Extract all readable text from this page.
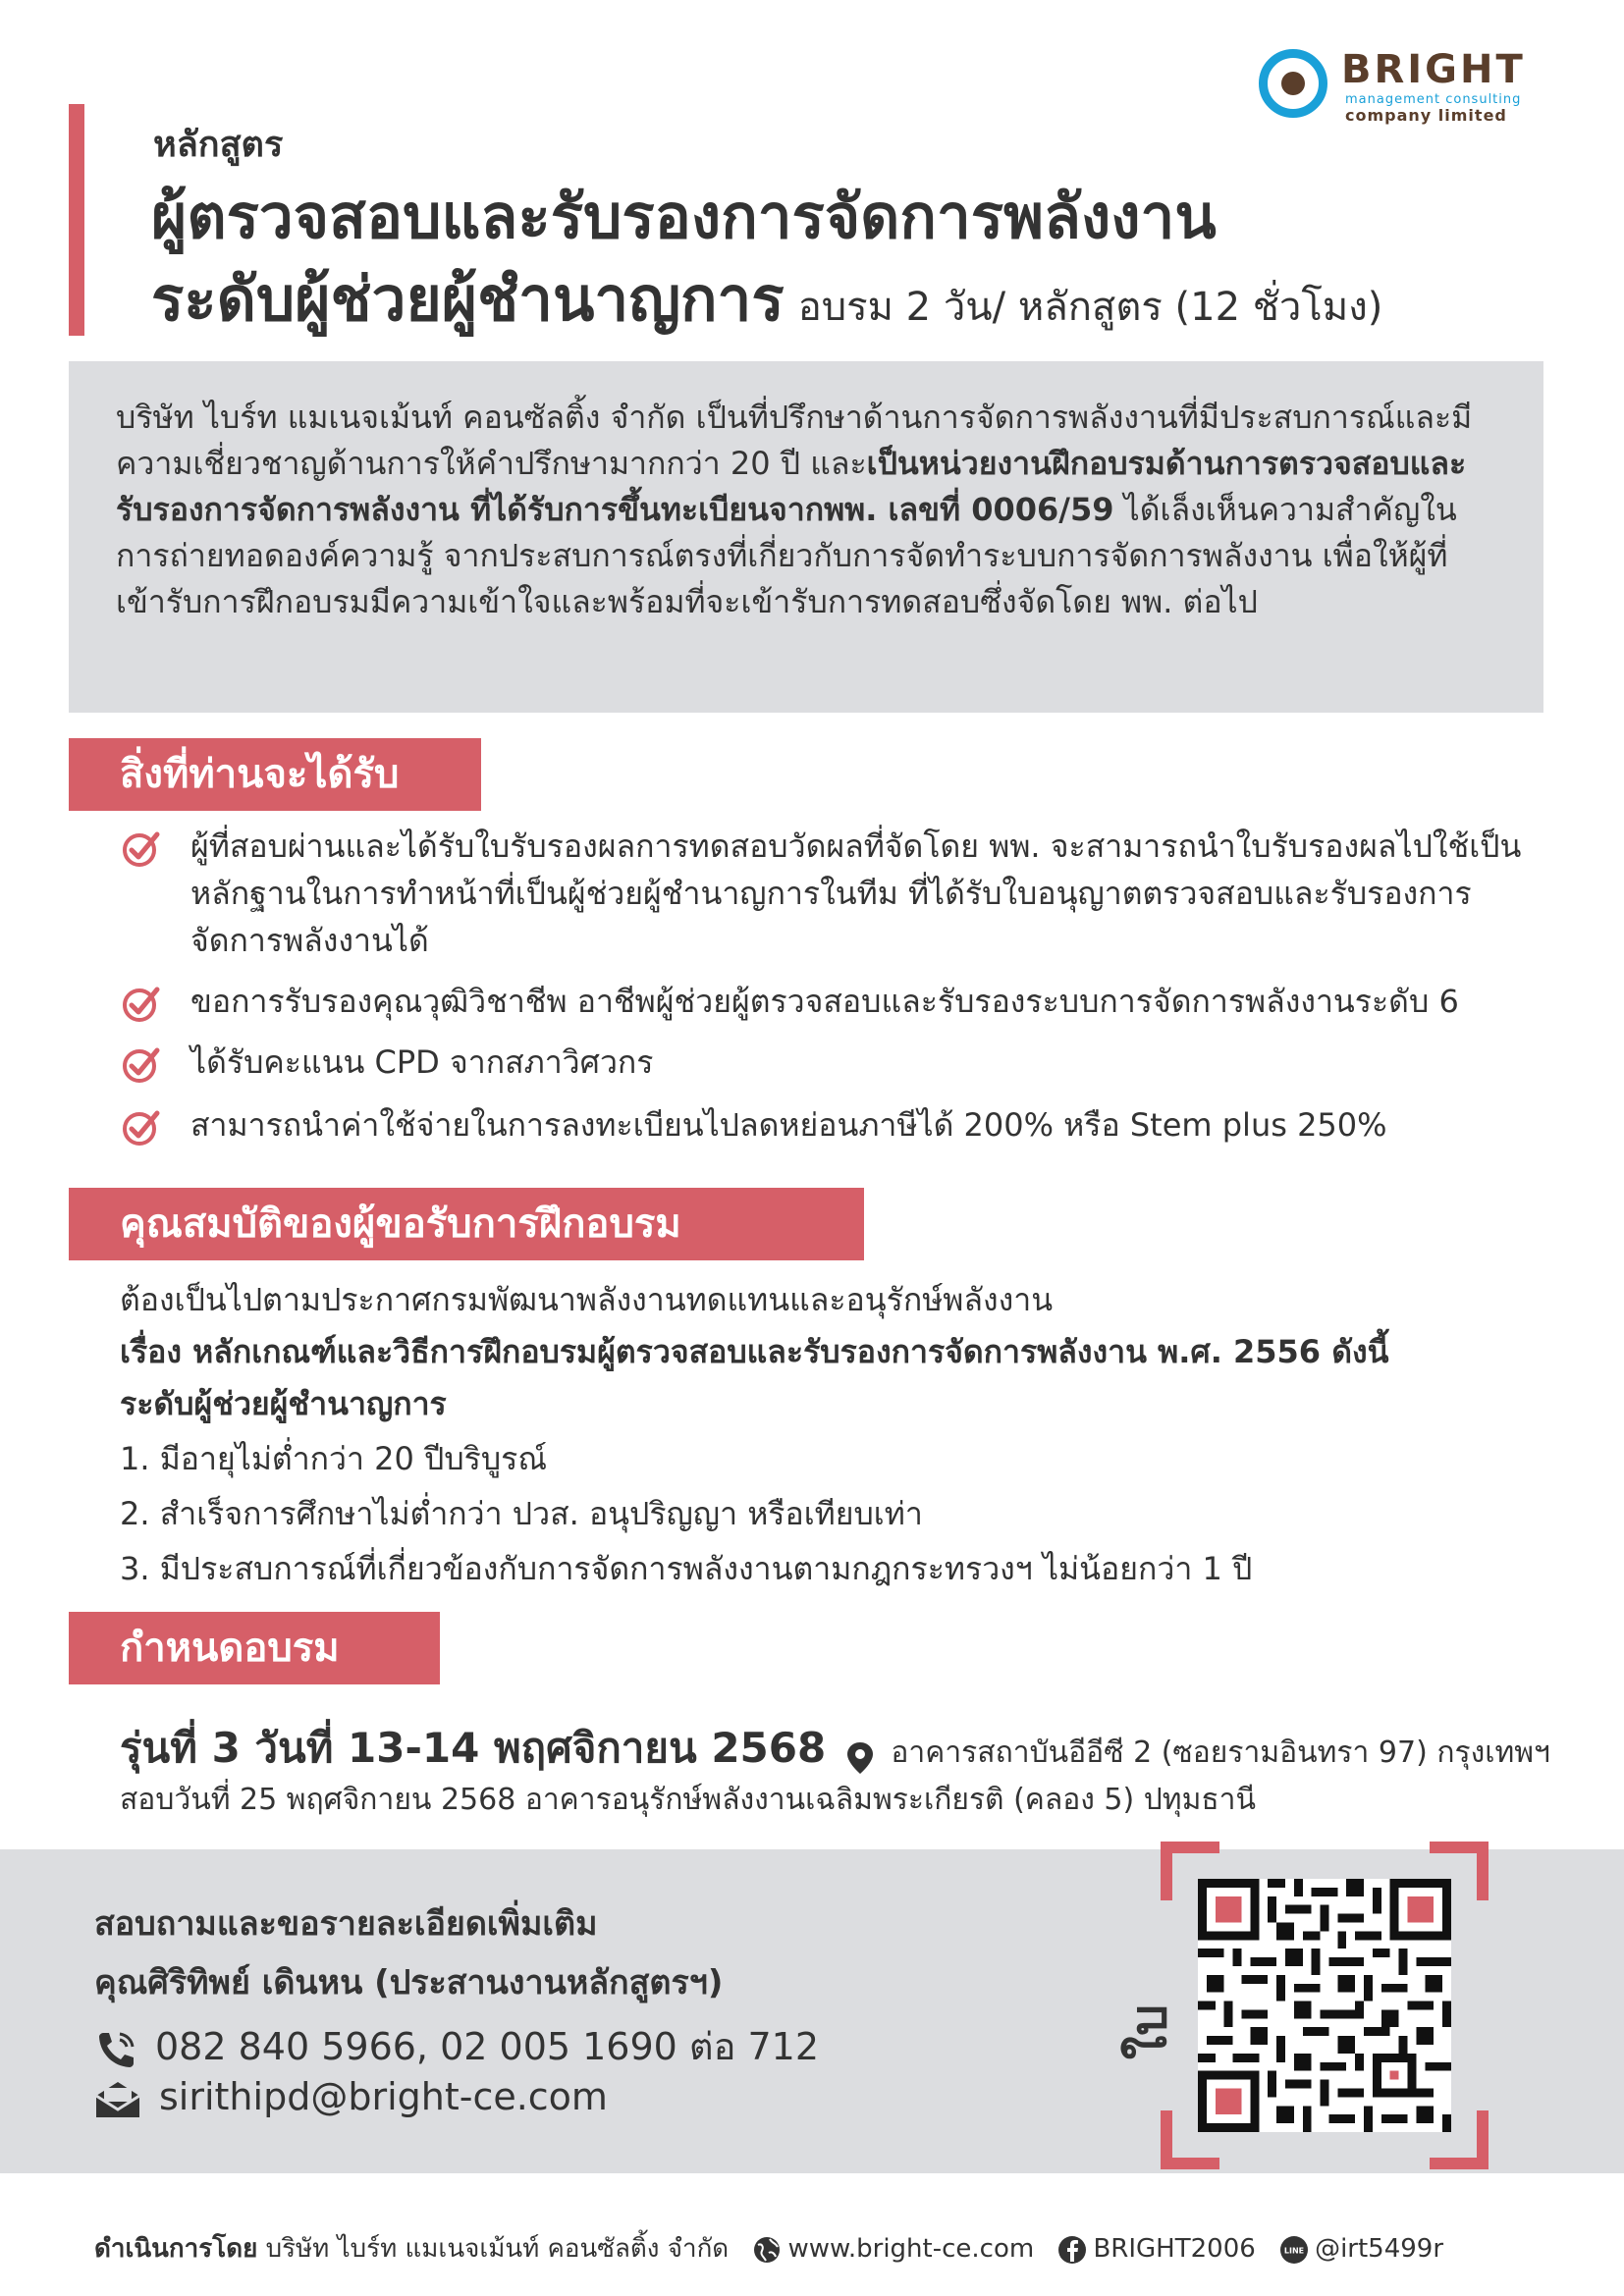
BRIGHT
management consulting
company limited
หลักสูตร
ผู้ตรวจสอบและรับรองการจัดการพลังงาน
ระดับผู้ช่วยผู้ชำนาญการ อบรม 2 วัน/ หลักสูตร (12 ชั่วโมง)

บริษัท ไบร์ท แมเนจเม้นท์ คอนซัลติ้ง จำกัด เป็นที่ปรึกษาด้านการจัดการพลังงานที่มีประสบการณ์และมีความเชี่ยวชาญด้านการให้คำปรึกษามากกว่า 20 ปี และเป็นหน่วยงานฝึกอบรมด้านการตรวจสอบและรับรองการจัดการพลังงาน ที่ได้รับการขึ้นทะเบียนจากพพ. เลขที่ 0006/59 ได้เล็งเห็นความสำคัญในการถ่ายทอดองค์ความรู้ จากประสบการณ์ตรงที่เกี่ยวกับการจัดทำระบบการจัดการพลังงาน เพื่อให้ผู้ที่เข้ารับการฝึกอบรมมีความเข้าใจและพร้อมที่จะเข้ารับการทดสอบซึ่งจัดโดย พพ. ต่อไป

สิ่งที่ท่านจะได้รับ
ผู้ที่สอบผ่านและได้รับใบรับรองผลการทดสอบวัดผลที่จัดโดย พพ. จะสามารถนำใบรับรองผลไปใช้เป็นหลักฐานในการทำหน้าที่เป็นผู้ช่วยผู้ชำนาญการในทีม ที่ได้รับใบอนุญาตตรวจสอบและรับรองการจัดการพลังงานได้
ขอการรับรองคุณวุฒิวิชาชีพ อาชีพผู้ช่วยผู้ตรวจสอบและรับรองระบบการจัดการพลังงานระดับ 6
ได้รับคะแนน CPD จากสภาวิศวกร
สามารถนำค่าใช้จ่ายในการลงทะเบียนไปลดหย่อนภาษีได้ 200% หรือ Stem plus 250%
คุณสมบัติของผู้ขอรับการฝึกอบรม
ต้องเป็นไปตามประกาศกรมพัฒนาพลังงานทดแทนและอนุรักษ์พลังงาน
เรื่อง หลักเกณฑ์และวิธีการฝึกอบรมผู้ตรวจสอบและรับรองการจัดการพลังงาน พ.ศ. 2556 ดังนี้
ระดับผู้ช่วยผู้ชำนาญการ
1. มีอายุไม่ต่ำกว่า 20 ปีบริบูรณ์
2. สำเร็จการศึกษาไม่ต่ำกว่า ปวส. อนุปริญญา หรือเทียบเท่า
3. มีประสบการณ์ที่เกี่ยวข้องกับการจัดการพลังงานตามกฎกระทรวงฯ ไม่น้อยกว่า 1 ปี
กำหนดอบรม
รุ่นที่ 3 วันที่ 13-14 พฤศจิกายน 2568 อาคารสถาบันอีอีซี 2 (ซอยรามอินทรา 97) กรุงเทพฯ
สอบวันที่ 25 พฤศจิกายน 2568 อาคารอนุรักษ์พลังงานเฉลิมพระเกียรติ (คลอง 5) ปทุมธานี
สอบถามและขอรายละเอียดเพิ่มเติม
คุณศิริทิพย์ เดินหน (ประสานงานหลักสูตรฯ)
082 840 5966, 02 005 1690 ต่อ 712
sirithipd@bright-ce.com
ใบ
ดำเนินการโดย บริษัท ไบร์ท แมเนจเม้นท์ คอนซัลติ้ง จำกัด www.bright-ce.com BRIGHT2006	LINE @irt5499r
